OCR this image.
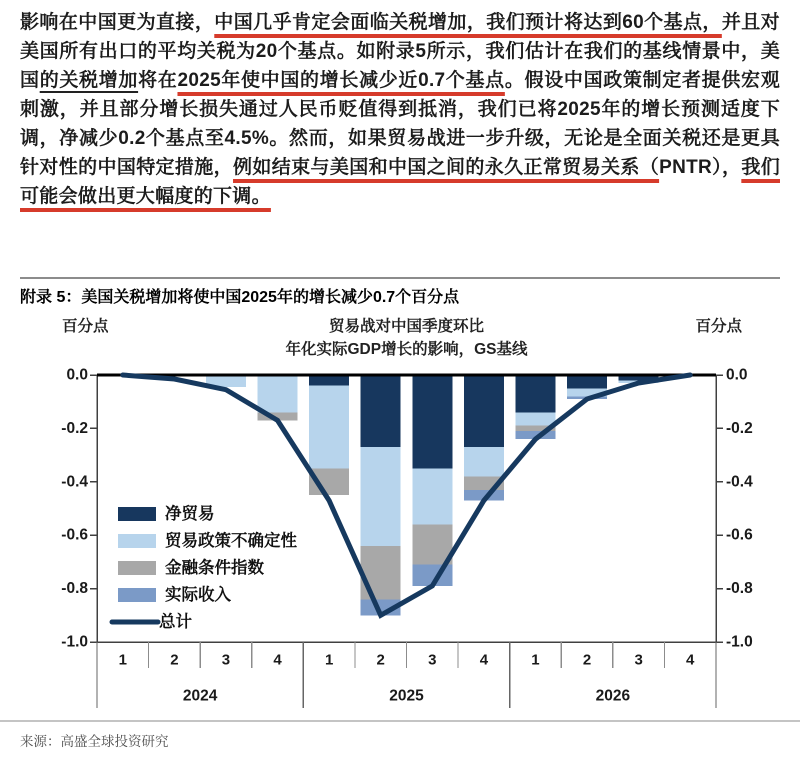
影响在中国更为直接，中国几乎肯定会面临关税增加，我们预计将达到60个基点，并且对美国所有出口的平均关税为20个基点。如附录5所示，我们估计在我们的基线情景中，美国的关税增加将在2025年使中国的增长减少近0.7个基点。假设中国政策制定者提供宏观刺激，并且部分增长损失通过人民币贬值得到抵消，我们已将2025年的增长预测适度下调，净减少0.2个基点至4.5%。然而，如果贸易战进一步升级，无论是全面关税还是更具针对性的中国特定措施，例如结束与美国和中国之间的永久正常贸易关系（PNTR），我们可能会做出更大幅度的下调。

附录 5：美国关税增加将使中国2025年的增长减少0.7个百分点
贸易战对中国季度环比
年化实际GDP增长的影响，GS基线
百分点	百分点
0.0	0.0
-0.2	-0.2
-0.4	-0.4
-0.6	-0.6
-0.8	-0.8
-1.0	-1.0
1	2	3	4	1	2	3	4	1	2	3	4
2024	2025	2026
净贸易
贸易政策不确定性
金融条件指数
实际收入
总计

来源：高盛全球投资研究
